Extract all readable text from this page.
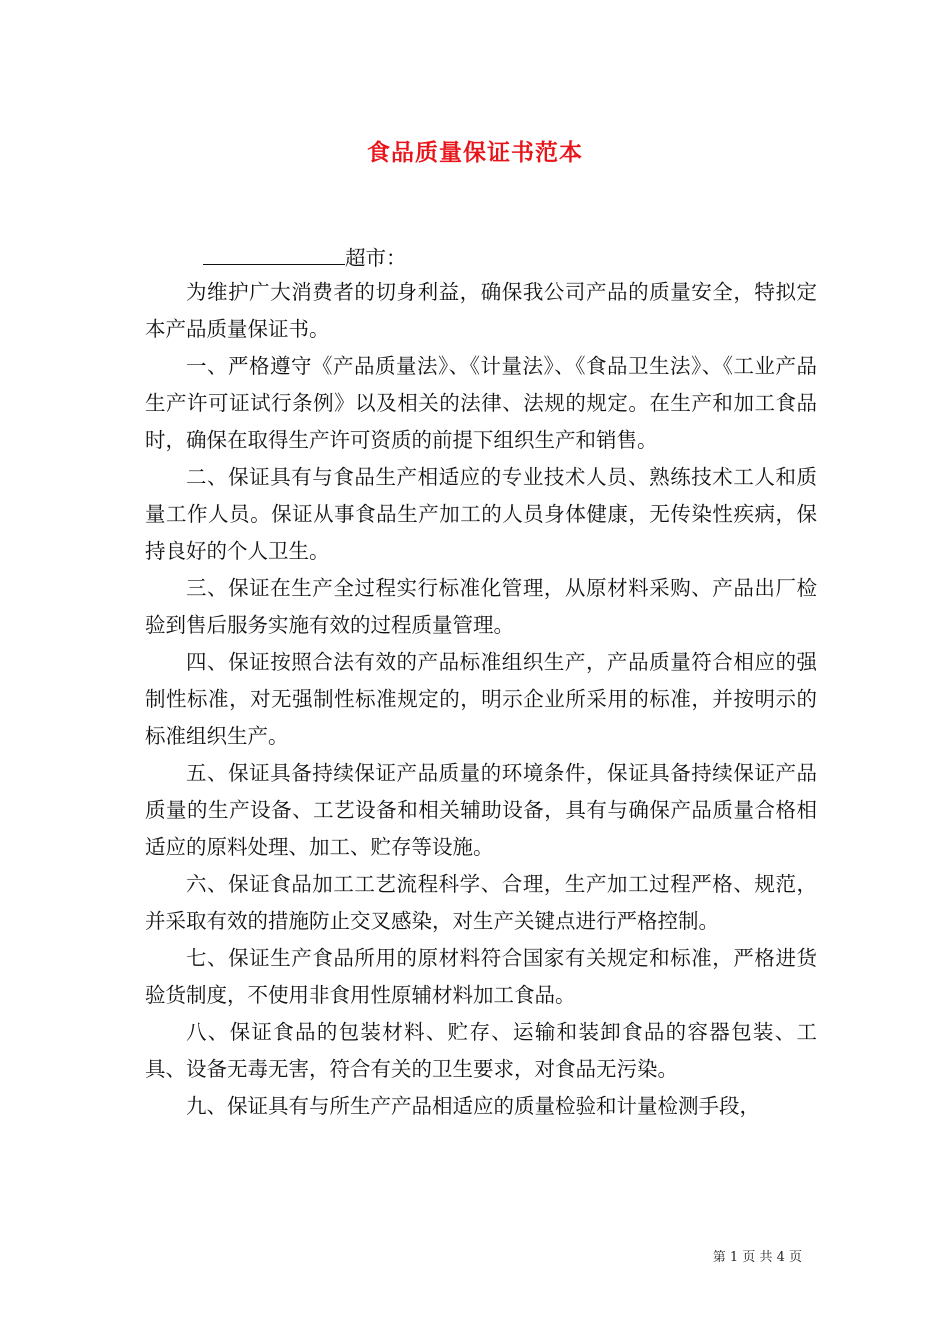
食品质量保证书范本
超市：

为维护广大消费者的切身利益，确保我公司产品的质量安全，特拟定本产品质量保证书。

一、严格遵守《产品质量法》、《计量法》、《食品卫生法》、《工业产品生产许可证试行条例》以及相关的法律、法规的规定。在生产和加工食品时，确保在取得生产许可资质的前提下组织生产和销售。

二、保证具有与食品生产相适应的专业技术人员、熟练技术工人和质量工作人员。保证从事食品生产加工的人员身体健康，无传染性疾病，保持良好的个人卫生。

三、保证在生产全过程实行标准化管理，从原材料采购、产品出厂检验到售后服务实施有效的过程质量管理。

四、保证按照合法有效的产品标准组织生产，产品质量符合相应的强制性标准，对无强制性标准规定的，明示企业所采用的标准，并按明示的标准组织生产。

五、保证具备持续保证产品质量的环境条件，保证具备持续保证产品质量的生产设备、工艺设备和相关辅助设备，具有与确保产品质量合格相适应的原料处理、加工、贮存等设施。

六、保证食品加工工艺流程科学、合理，生产加工过程严格、规范，并采取有效的措施防止交叉感染，对生产关键点进行严格控制。

七、保证生产食品所用的原材料符合国家有关规定和标准，严格进货验货制度，不使用非食用性原辅材料加工食品。

八、保证食品的包装材料、贮存、运输和装卸食品的容器包装、工具、设备无毒无害，符合有关的卫生要求，对食品无污染。

九、保证具有与所生产产品相适应的质量检验和计量检测手段，

第 1 页 共 4 页
